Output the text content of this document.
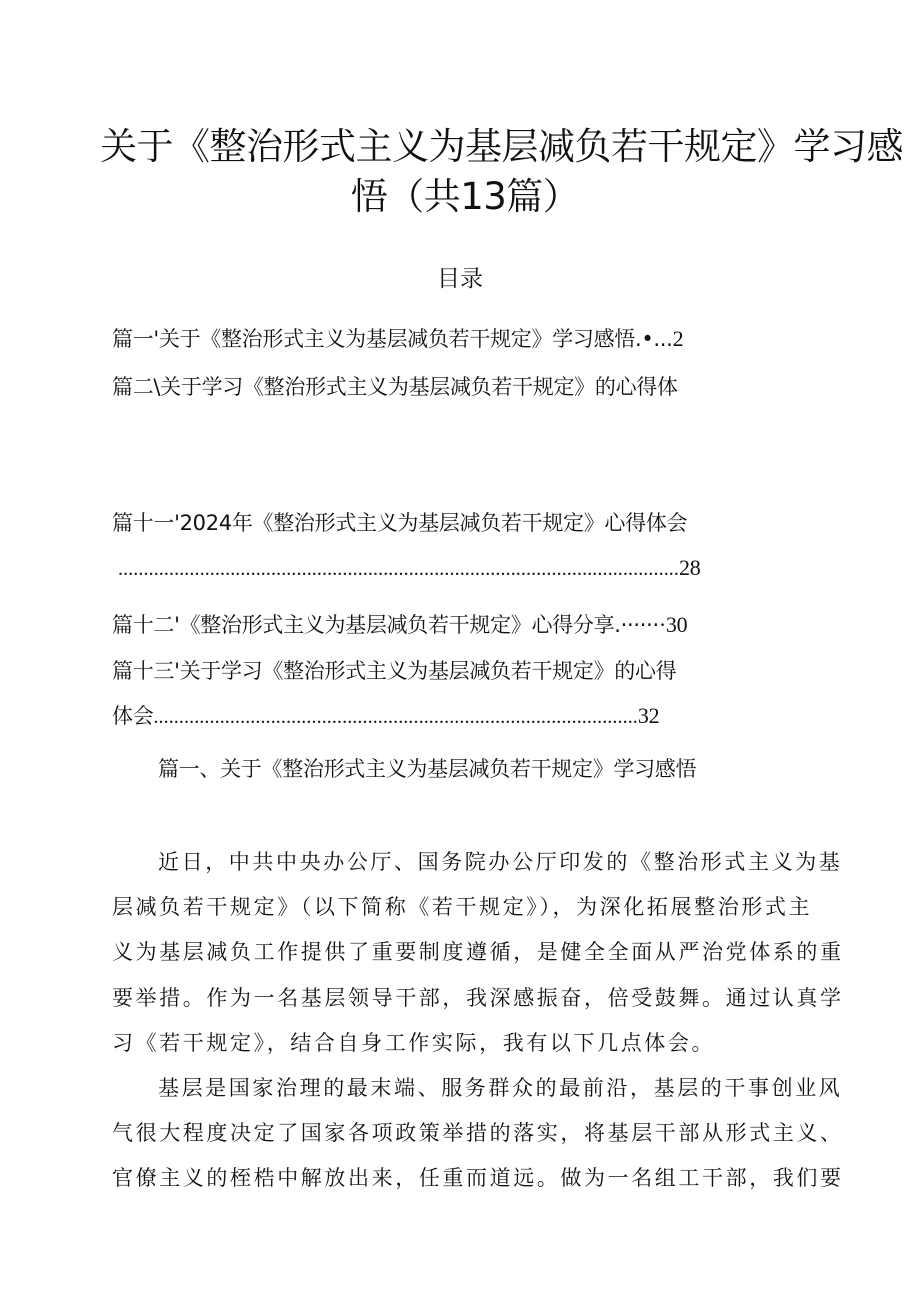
关于《整治形式主义为基层减负若干规定》学习感
悟（共13篇）
目录
篇一'关于《整治形式主义为基层减负若干规定》学习感悟.•...2
篇二\关于学习《整治形式主义为基层减负若干规定》的心得体
篇十一'2024年《整治形式主义为基层减负若干规定》心得体会
..............................................................................................................28
篇十二'《整治形式主义为基层减负若干规定》心得分享.·······30
篇十三'关于学习《整治形式主义为基层减负若干规定》的心得
体会...............................................................................................32
篇一、关于《整治形式主义为基层减负若干规定》学习感悟
近日，中共中央办公厅、国务院办公厅印发的《整治形式主义为基
层减负若干规定》（以下简称《若干规定》），为深化拓展整治形式主
义为基层减负工作提供了重要制度遵循，是健全全面从严治党体系的重
要举措。作为一名基层领导干部，我深感振奋，倍受鼓舞。通过认真学
习《若干规定》，结合自身工作实际，我有以下几点体会。
基层是国家治理的最末端、服务群众的最前沿，基层的干事创业风
气很大程度决定了国家各项政策举措的落实，将基层干部从形式主义、
官僚主义的桎梏中解放出来，任重而道远。做为一名组工干部，我们要
